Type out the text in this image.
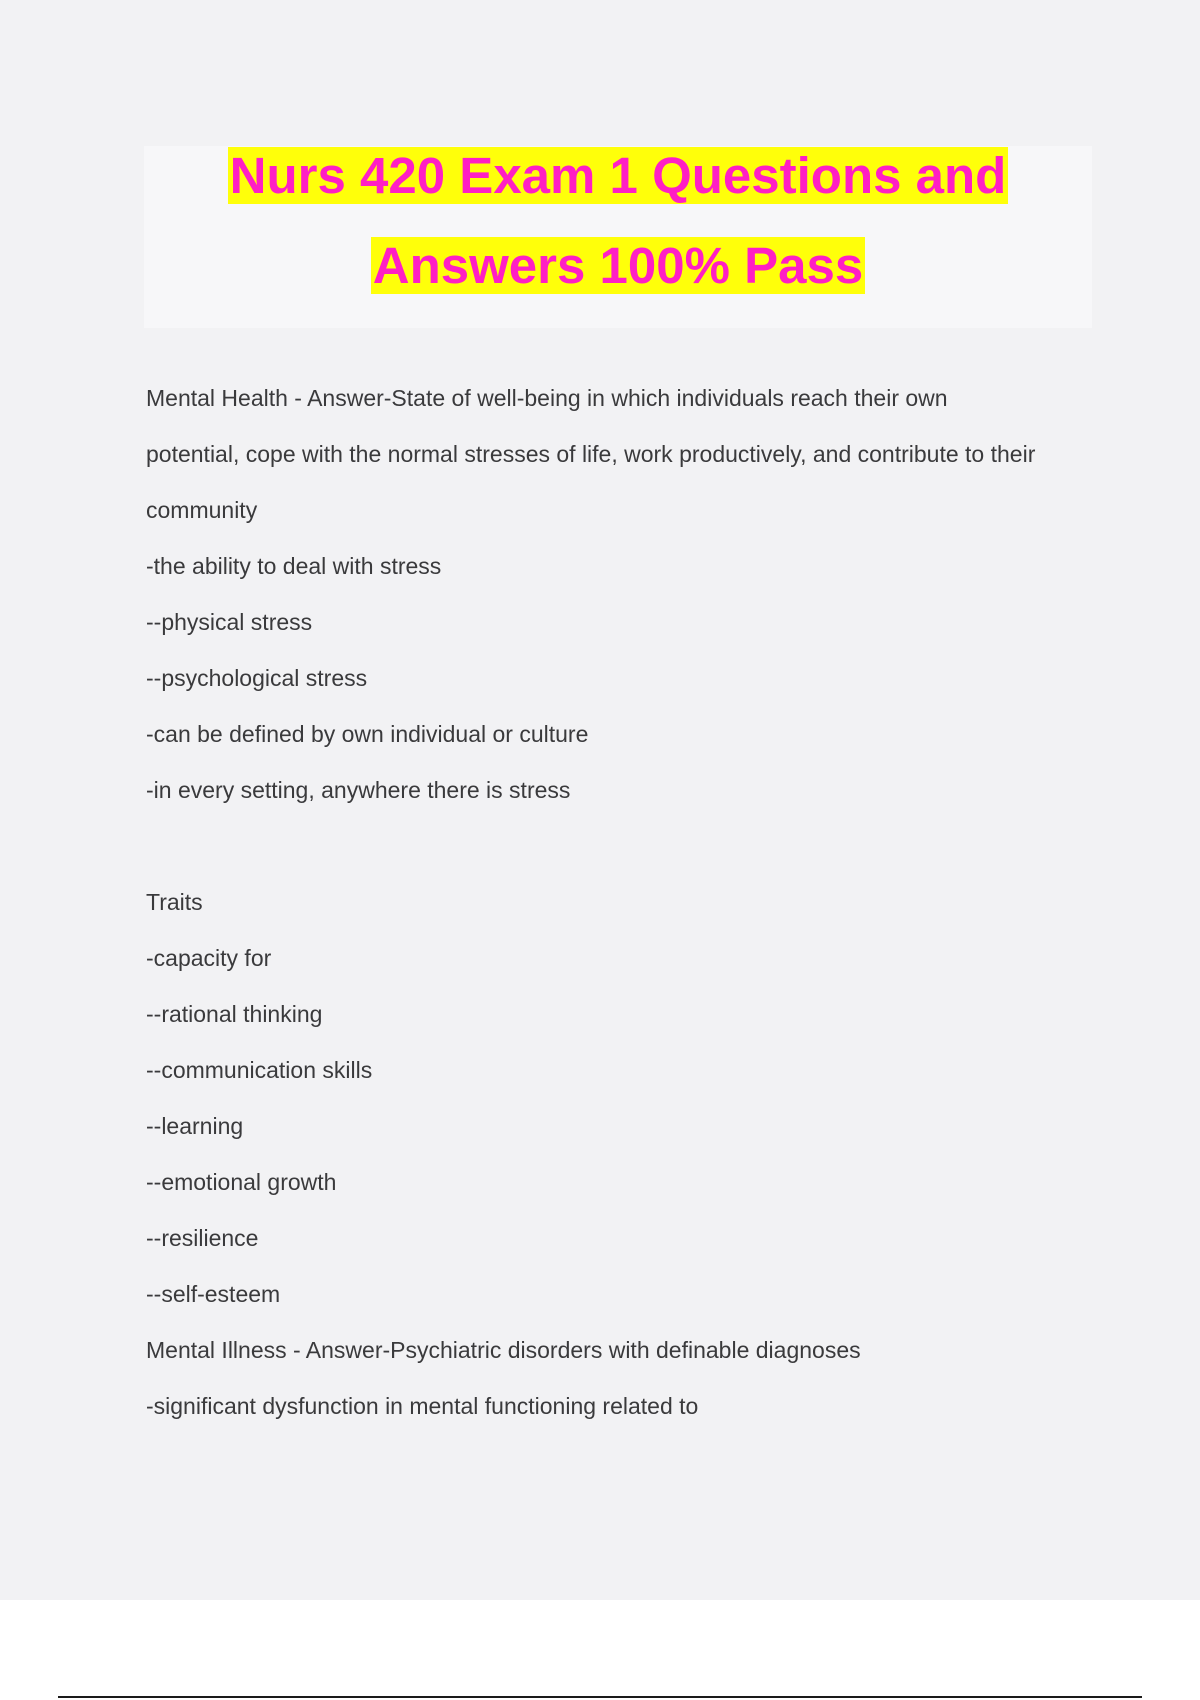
Nurs 420 Exam 1 Questions and
Answers 100% Pass
Mental Health - Answer-State of well-being in which individuals reach their own
potential, cope with the normal stresses of life, work productively, and contribute to their
community
-the ability to deal with stress
--physical stress
--psychological stress
-can be defined by own individual or culture
-in every setting, anywhere there is stress
Traits
-capacity for
--rational thinking
--communication skills
--learning
--emotional growth
--resilience
--self-esteem
Mental Illness - Answer-Psychiatric disorders with definable diagnoses
-significant dysfunction in mental functioning related to
